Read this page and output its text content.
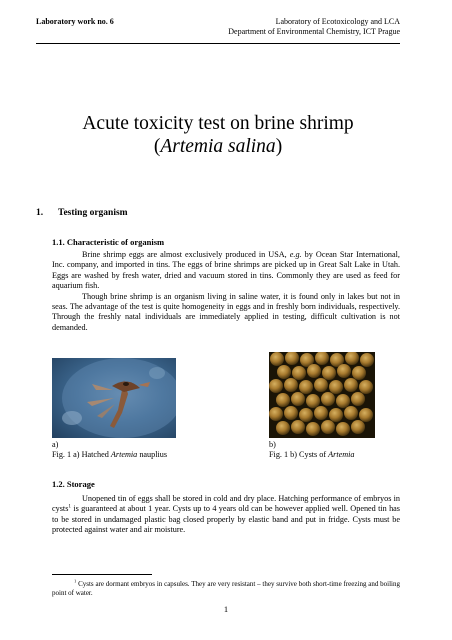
Laboratory work no. 6	Laboratory of Ecotoxicology and LCA
Department of Environmental Chemistry, ICT Prague
Acute toxicity test on brine shrimp
(Artemia salina)
1. Testing organism
1.1. Characteristic of organism

Brine shrimp eggs are almost exclusively produced in USA, e.g. by Ocean Star International, Inc. company, and imported in tins. The eggs of brine shrimps are picked up in Great Salt Lake in Utah. Eggs are washed by fresh water, dried and vacuum stored in tins. Commonly they are used as feed for aquarium fish.

Though brine shrimp is an organism living in saline water, it is found only in lakes but not in seas. The advantage of the test is quite homogeneity in eggs and in freshly born individuals, respectively. Through the freshly natal individuals are immediately applied in testing, difficult cultivation is not demanded.

a)
Fig. 1 a) Hatched Artemia nauplius
b)
Fig. 1 b) Cysts of Artemia
1.2. Storage

Unopened tin of eggs shall be stored in cold and dry place. Hatching performance of embryos in cysts$^1$ is guaranteed at about 1 year. Cysts up to 4 years old can be however applied well. Opened tin has to be stored in undamaged plastic bag closed properly by elastic band and put in fridge. Cysts must be protected against water and air moisture.

$^1$ Cysts are dormant embryos in capsules. They are very resistant – they survive both short-time freezing and boiling point of water.

1
